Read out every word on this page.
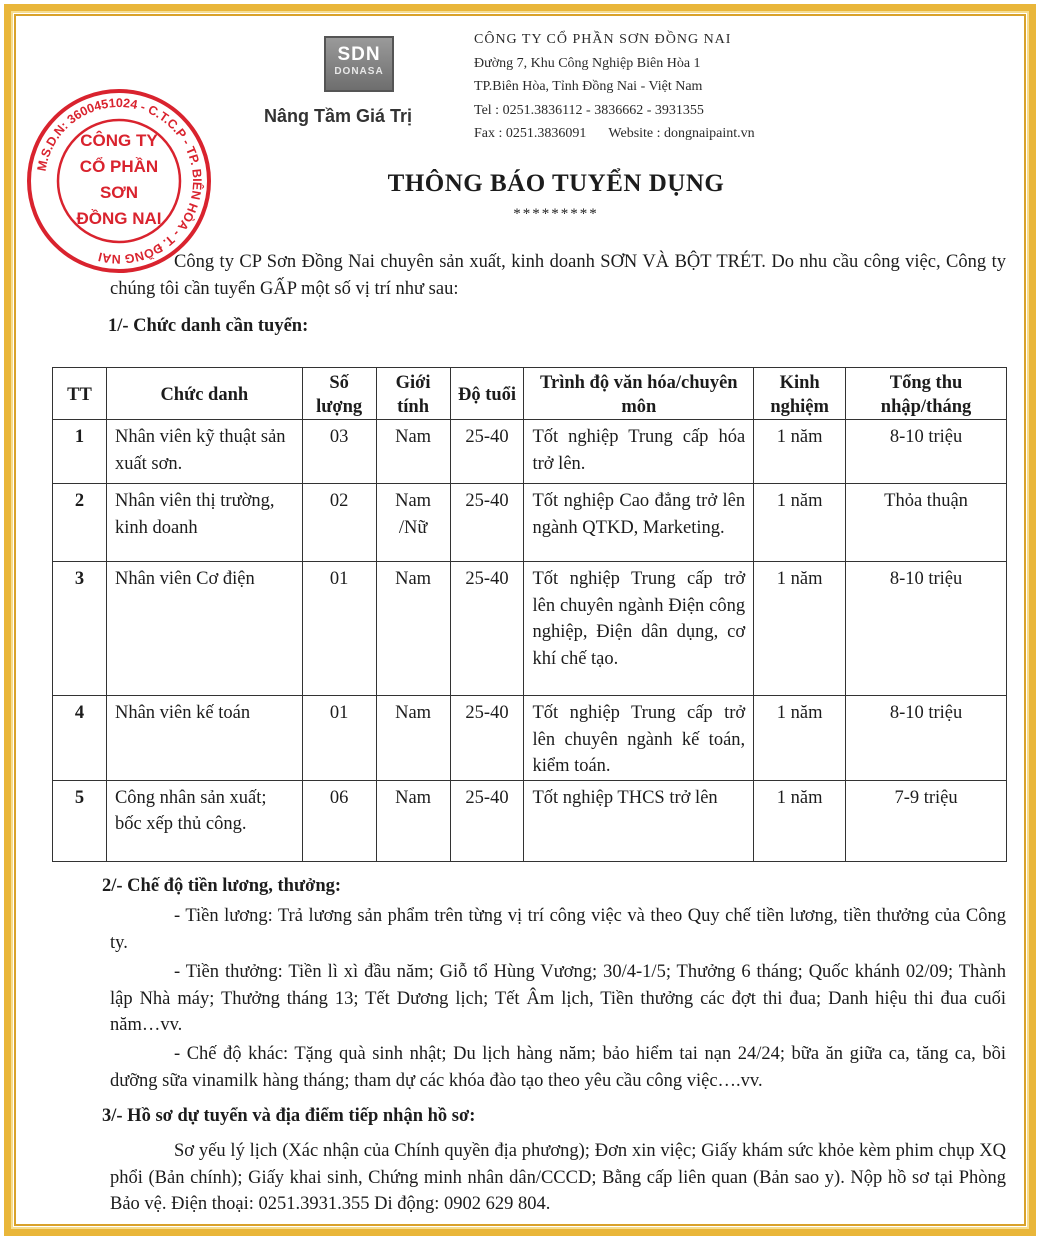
M.S.D.N: 3600451024 - C.T.C.P - TP. BIÊN HÒA - T. ĐỒNG NAI
CÔNG TY
CỔ PHẦN
SƠN
ĐỒNG NAI
SDN
DONASA
Nâng Tầm Giá Trị
CÔNG TY CỔ PHẦN SƠN ĐỒNG NAI
Đường 7, Khu Công Nghiệp Biên Hòa 1
TP.Biên Hòa, Tỉnh Đồng Nai - Việt Nam
Tel : 0251.3836112 - 3836662 - 3931355
Fax : 0251.3836091 Website : dongnaipaint.vn
THÔNG BÁO TUYỂN DỤNG
*********
Công ty CP Sơn Đồng Nai chuyên sản xuất, kinh doanh SƠN VÀ BỘT TRÉT. Do nhu cầu công việc, Công ty chúng tôi cần tuyển GẤP một số vị trí như sau:
1/- Chức danh cần tuyển:
TT	Chức danh	Số lượng	Giới tính	Độ tuổi	Trình độ văn hóa/chuyên môn	Kinh nghiệm	Tổng thu nhập/tháng
1	Nhân viên kỹ thuật sản xuất sơn.	03	Nam	25-40	Tốt nghiệp Trung cấp hóa trở lên.	1 năm	8-10 triệu
2	Nhân viên thị trường, kinh doanh	02	Nam /Nữ	25-40	Tốt nghiệp Cao đẳng trở lên ngành QTKD, Marketing.	1 năm	Thỏa thuận
3	Nhân viên Cơ điện	01	Nam	25-40	Tốt nghiệp Trung cấp trở lên chuyên ngành Điện công nghiệp, Điện dân dụng, cơ khí chế tạo.	1 năm	8-10 triệu
4	Nhân viên kế toán	01	Nam	25-40	Tốt nghiệp Trung cấp trở lên chuyên ngành kế toán, kiểm toán.	1 năm	8-10 triệu
5	Công nhân sản xuất; bốc xếp thủ công.	06	Nam	25-40	Tốt nghiệp THCS trở lên	1 năm	7-9 triệu
2/- Chế độ tiền lương, thưởng:
- Tiền lương: Trả lương sản phẩm trên từng vị trí công việc và theo Quy chế tiền lương, tiền thưởng của Công ty.
- Tiền thưởng: Tiền lì xì đầu năm; Giỗ tổ Hùng Vương; 30/4-1/5; Thưởng 6 tháng; Quốc khánh 02/09; Thành lập Nhà máy; Thưởng tháng 13; Tết Dương lịch; Tết Âm lịch, Tiền thưởng các đợt thi đua; Danh hiệu thi đua cuối năm…vv.
- Chế độ khác: Tặng quà sinh nhật; Du lịch hàng năm; bảo hiểm tai nạn 24/24; bữa ăn giữa ca, tăng ca, bồi dưỡng sữa vinamilk hàng tháng; tham dự các khóa đào tạo theo yêu cầu công việc….vv.
3/- Hồ sơ dự tuyển và địa điểm tiếp nhận hồ sơ:
Sơ yếu lý lịch (Xác nhận của Chính quyền địa phương); Đơn xin việc; Giấy khám sức khỏe kèm phim chụp XQ phổi (Bản chính); Giấy khai sinh, Chứng minh nhân dân/CCCD; Bằng cấp liên quan (Bản sao y). Nộp hồ sơ tại Phòng Bảo vệ. Điện thoại: 0251.3931.355 Di động: 0902 629 804.
